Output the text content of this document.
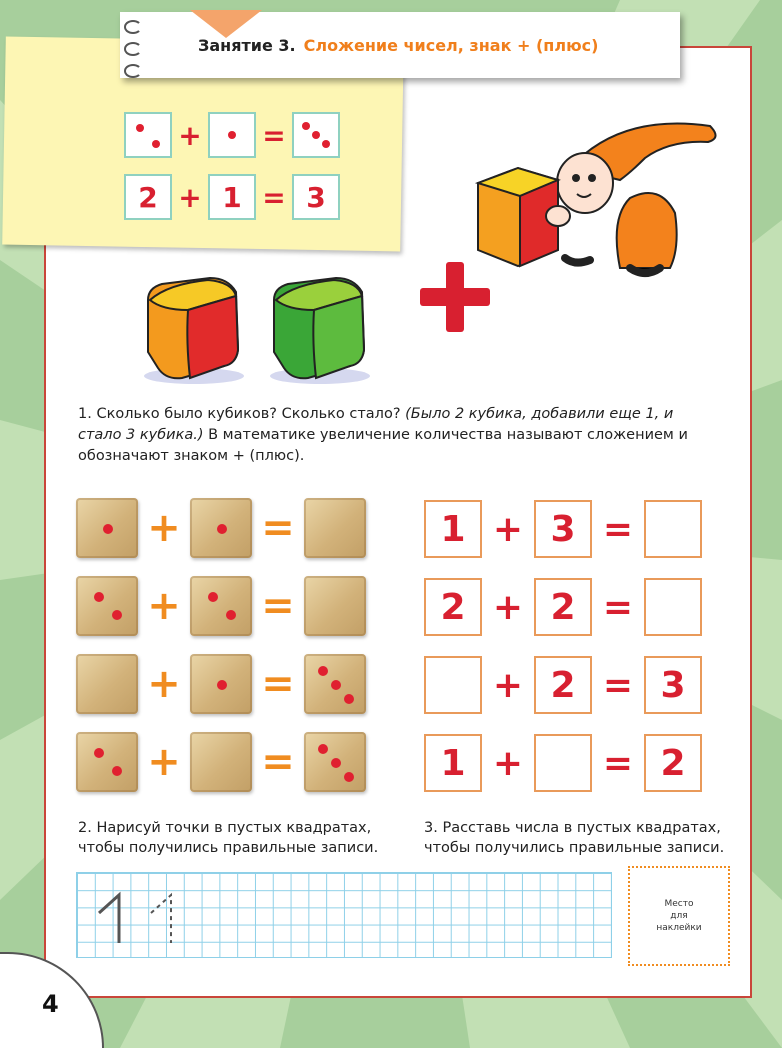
Занятие 3. Сложение чисел, знак + (плюс)
+ =
2 + 1 = 3
1. Сколько было кубиков? Сколько стало? (Было 2 кубика, добавили еще 1, и стало 3 кубика.) В математике увеличение количества называют сложением и обозначают знаком + (плюс).
+ =
+ =
+ =
+ =
1 + 3 =
2 + 2 =
+ 2 = 3
1 +	= 2
2. Нарисуй точки в пустых квадратах,
чтобы получились правильные записи.
3. Расставь числа в пустых квадратах,
чтобы получились правильные записи.
Место
для
наклейки
4
